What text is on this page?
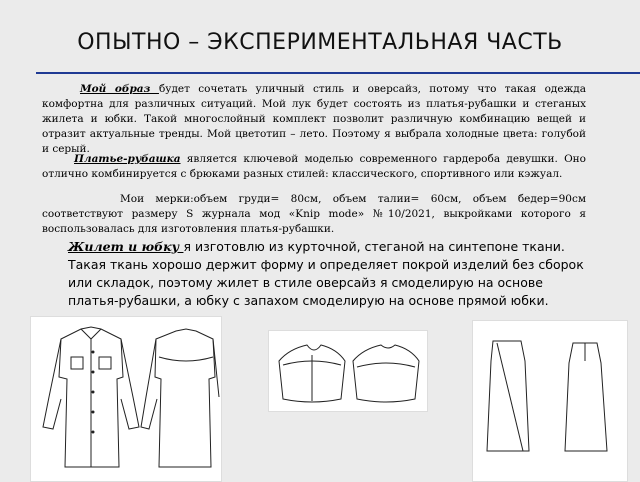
ОПЫТНО – ЭКСПЕРИМЕНТАЛЬНАЯ ЧАСТЬ
Мой образ будет сочетать уличный стиль и оверсайз, потому что такая одежда комфортна для различных ситуаций. Мой лук будет состоять из платья-рубашки и стеганых жилета и юбки. Такой многослойный комплект позволит различную комбинацию вещей и отразит актуальные тренды. Мой цветотип – лето. Поэтому я выбрала холодные цвета: голубой и серый.
Платье-рубашка является ключевой моделью современного гардероба девушки. Оно отлично комбинируется с брюками разных стилей: классического, спортивного или кэжуал.
Мои мерки:объем груди= 80см, объем талии= 60см, объем бедер=90см соответствуют размеру S журнала мод «Knip mode» №10/2021, выкройками которого я воспользовалась для изготовления платья-рубашки.
Жилет и юбку я изготовлю из курточной, стеганой на синтепоне ткани. Такая ткань хорошо держит форму и определяет покрой изделий без сборок или складок, поэтому жилет в стиле оверсайз я смоделирую на основе платья-рубашки, а юбку с запахом смоделирую на основе прямой юбки.
